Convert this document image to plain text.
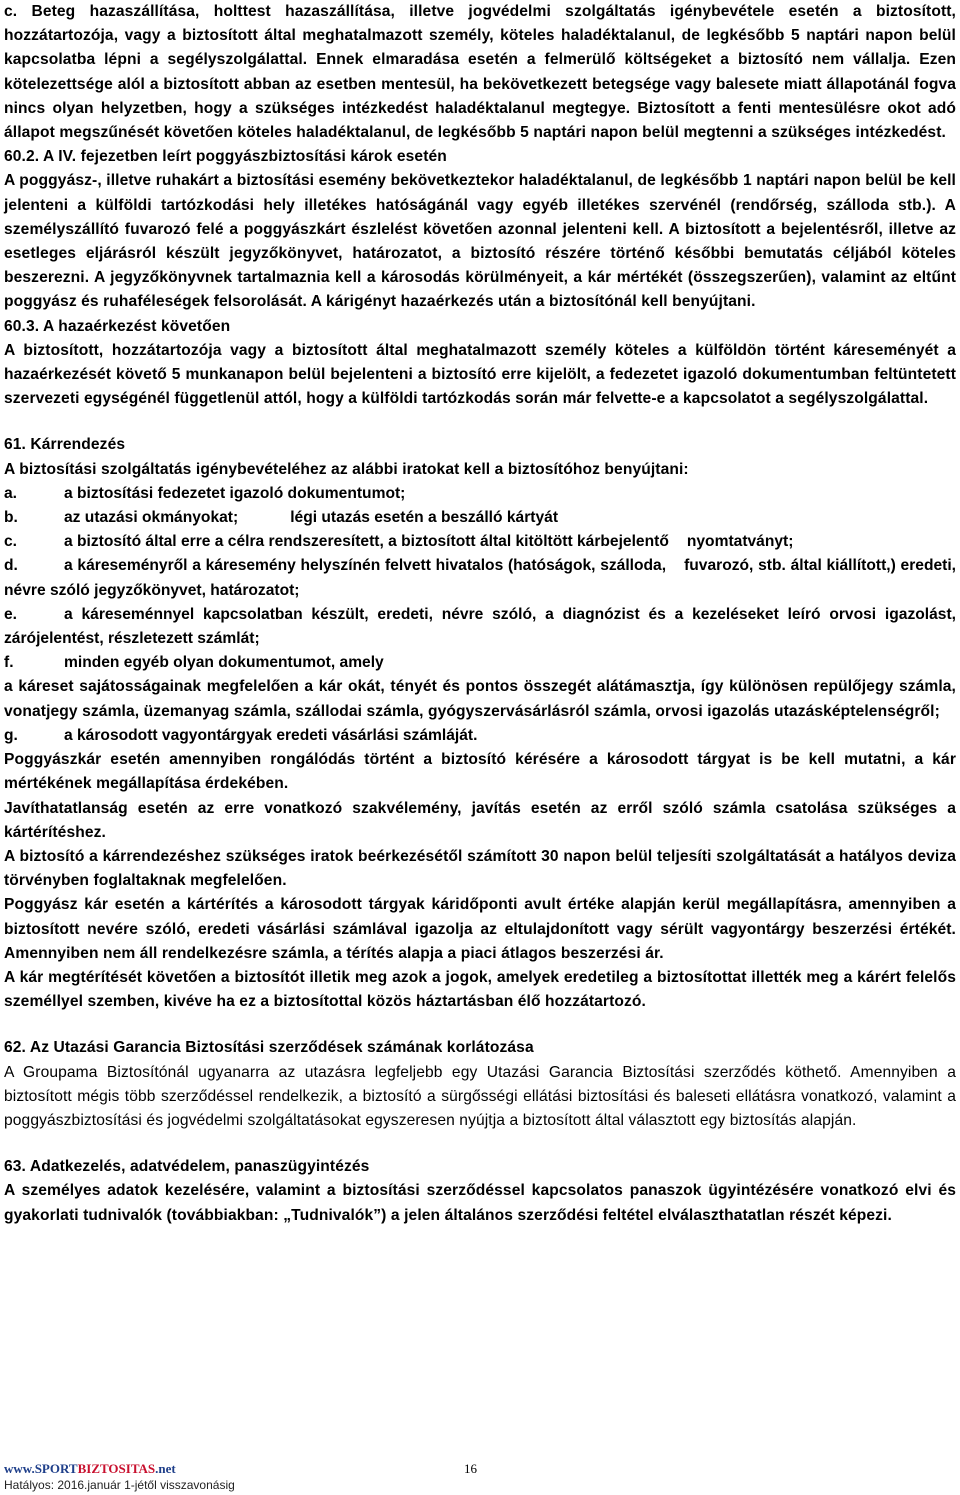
c. Beteg hazaszállítása, holttest hazaszállítása, illetve jogvédelmi szolgáltatás igénybevétele esetén a biztosított, hozzátartozója, vagy a biztosított által meghatalmazott személy, köteles haladéktalanul, de legkésőbb 5 naptári napon belül kapcsolatba lépni a segélyszolgálattal. Ennek elmaradása esetén a felmerülő költségeket a biztosító nem vállalja. Ezen kötelezettsége alól a biztosított abban az esetben mentesül, ha bekövetkezett betegsége vagy balesete miatt állapotánál fogva nincs olyan helyzetben, hogy a szükséges intézkedést haladéktalanul megtegye. Biztosított a fenti mentesülésre okot adó állapot megszűnését követően köteles haladéktalanul, de legkésőbb 5 naptári napon belül megtenni a szükséges intézkedést.

60.2. A IV. fejezetben leírt poggyászbiztosítási károk esetén

A poggyász-, illetve ruhakárt a biztosítási esemény bekövetkeztekor haladéktalanul, de legkésőbb 1 naptári napon belül be kell jelenteni a külföldi tartózkodási hely illetékes hatóságánál vagy egyéb illetékes szervénél (rendőrség, szálloda stb.). A személyszállító fuvarozó felé a poggyászkárt észlelést követően azonnal jelenteni kell. A biztosított a bejelentésről, illetve az esetleges eljárásról készült jegyzőkönyvet, határozatot, a biztosító részére történő későbbi bemutatás céljából köteles beszerezni. A jegyzőkönyvnek tartalmaznia kell a károsodás körülményeit, a kár mértékét (összegszerűen), valamint az eltűnt poggyász és ruhaféleségek felsorolását. A kárigényt hazaérkezés után a biztosítónál kell benyújtani.

60.3. A hazaérkezést követően

A biztosított, hozzátartozója vagy a biztosított által meghatalmazott személy köteles a külföldön történt káreseményét a hazaérkezését követő 5 munkanapon belül bejelenteni a biztosító erre kijelölt, a fedezetet igazoló dokumentumban feltüntetett szervezeti egységénél függetlenül attól, hogy a külföldi tartózkodás során már felvette-e a kapcsolatot a segélyszolgálattal.

61. Kárrendezés

A biztosítási szolgáltatás igénybevételéhez az alábbi iratokat kell a biztosítóhoz benyújtani:

a.	a biztosítási fedezetet igazoló dokumentumot;

b.	az utazási okmányokat;	légi utazás esetén a beszálló kártyát

c.	a biztosító által erre a célra rendszeresített, a biztosított által kitöltött kárbejelentő nyomtatványt;

d.	a káreseményről a káresemény helyszínén felvett hivatalos (hatóságok, szálloda, fuvarozó, stb. által kiállított,) eredeti, névre szóló jegyzőkönyvet, határozatot;

e.	a káreseménnyel kapcsolatban készült, eredeti, névre szóló, a diagnózist és a kezeléseket leíró orvosi igazolást, zárójelentést, részletezett számlát;

f.	minden egyéb olyan dokumentumot, amely

a káreset sajátosságainak megfelelően a kár okát, tényét és pontos összegét alátámasztja, így különösen repülőjegy számla, vonatjegy számla, üzemanyag számla, szállodai számla, gyógyszervásárlásról számla, orvosi igazolás utazásképtelenségről;

g.	a károsodott vagyontárgyak eredeti vásárlási számláját.

Poggyászkár esetén amennyiben rongálódás történt a biztosító kérésére a károsodott tárgyat is be kell mutatni, a kár mértékének megállapítása érdekében.

Javíthatatlanság esetén az erre vonatkozó szakvélemény, javítás esetén az erről szóló számla csatolása szükséges a kártérítéshez.

A biztosító a kárrendezéshez szükséges iratok beérkezésétől számított 30 napon belül teljesíti szolgáltatását a hatályos deviza törvényben foglaltaknak megfelelően.

Poggyász kár esetén a kártérítés a károsodott tárgyak káridőponti avult értéke alapján kerül megállapításra, amennyiben a biztosított nevére szóló, eredeti vásárlási számlával igazolja az eltulajdonított vagy sérült vagyontárgy beszerzési értékét. Amennyiben nem áll rendelkezésre számla, a térítés alapja a piaci átlagos beszerzési ár.

A kár megtérítését követően a biztosítót illetik meg azok a jogok, amelyek eredetileg a biztosítottat illették meg a kárért felelős személlyel szemben, kivéve ha ez a biztosítottal közös háztartásban élő hozzátartozó.

62. Az Utazási Garancia Biztosítási szerződések számának korlátozása

A Groupama Biztosítónál ugyanarra az utazásra legfeljebb egy Utazási Garancia Biztosítási szerződés köthető. Amennyiben a biztosított mégis több szerződéssel rendelkezik, a biztosító a sürgősségi ellátási biztosítási és baleseti ellátásra vonatkozó, valamint a poggyászbiztosítási és jogvédelmi szolgáltatásokat egyszeresen nyújtja a biztosított által választott egy biztosítás alapján.

63. Adatkezelés, adatvédelem, panaszügyintézés

A személyes adatok kezelésére, valamint a biztosítási szerződéssel kapcsolatos panaszok ügyintézésére vonatkozó elvi és gyakorlati tudnivalók (továbbiakban: „Tudnivalók”) a jelen általános szerződési feltétel elválaszthatatlan részét képezi.

www.SPORTBIZTOSITAS.net	16
Hatályos: 2016.január 1-jétől visszavonásig
